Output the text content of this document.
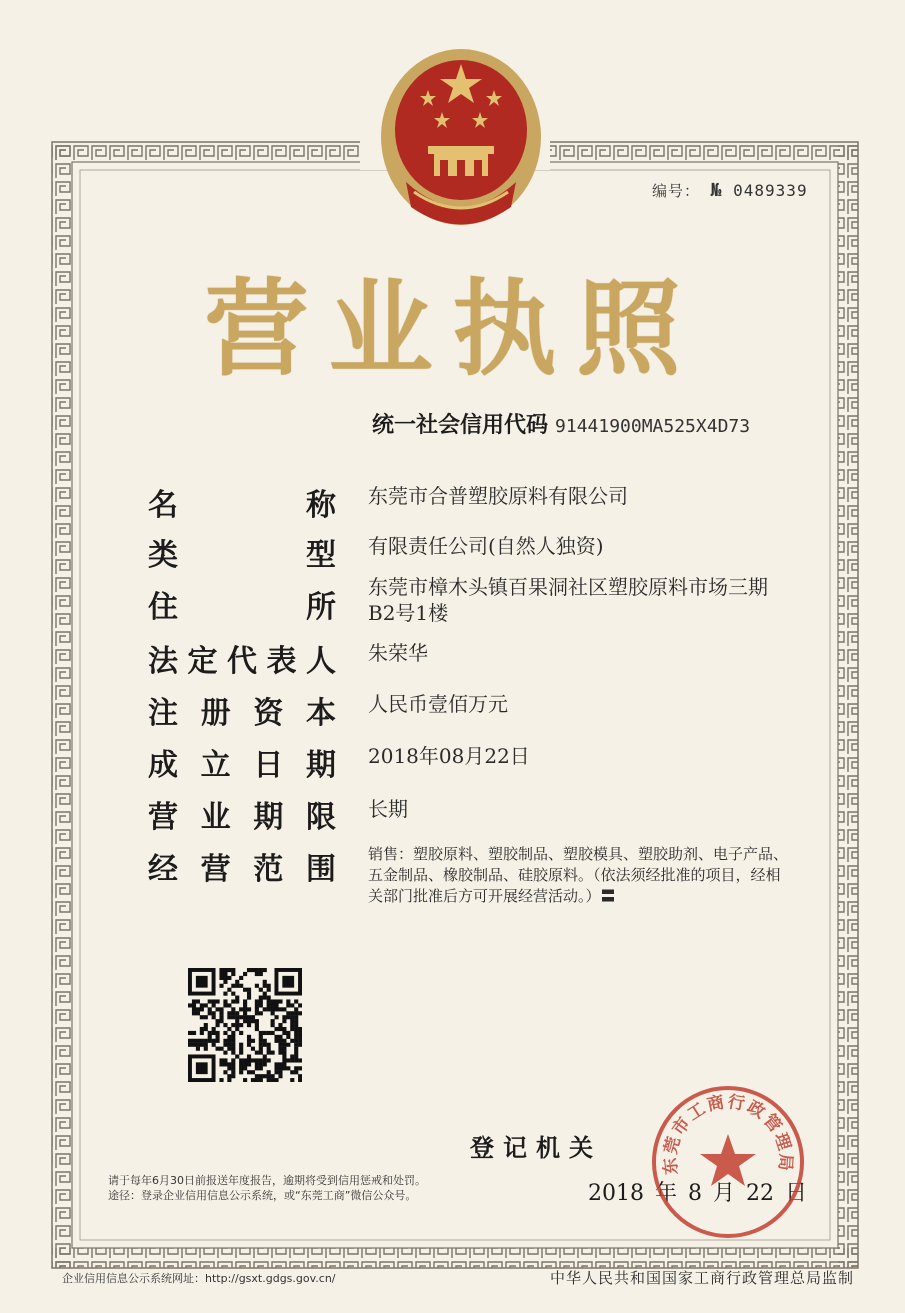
编号： № 0489339
营业执照
统一社会信用代码 91441900MA525X4D73
名	称 东莞市合普塑胶原料有限公司
类	型 有限责任公司(自然人独资)
住	所
东莞市樟木头镇百果洞社区塑胶原料市场三期
B2号1楼
法 定 代 表 人 朱荣华
注 册 资 本 人民币壹佰万元
成 立 日 期 2018年08月22日
营 业 期 限 长期
经 营 范 围 销售：塑胶原料、塑胶制品、塑胶模具、塑胶助剂、电子产品、
五金制品、橡胶制品、硅胶原料。（依法须经批准的项目，经相
关部门批准后方可开展经营活动。）〓
登记机关
2018 年 8 月 22 日
请于每年6月30日前报送年度报告，逾期将受到信用惩戒和处罚。
途径：登录企业信用信息公示系统，或“东莞工商”微信公众号。
东莞市工商行政管理局
企业信用信息公示系统网址：http://gsxt.gdgs.gov.cn/	中华人民共和国国家工商行政管理总局监制
